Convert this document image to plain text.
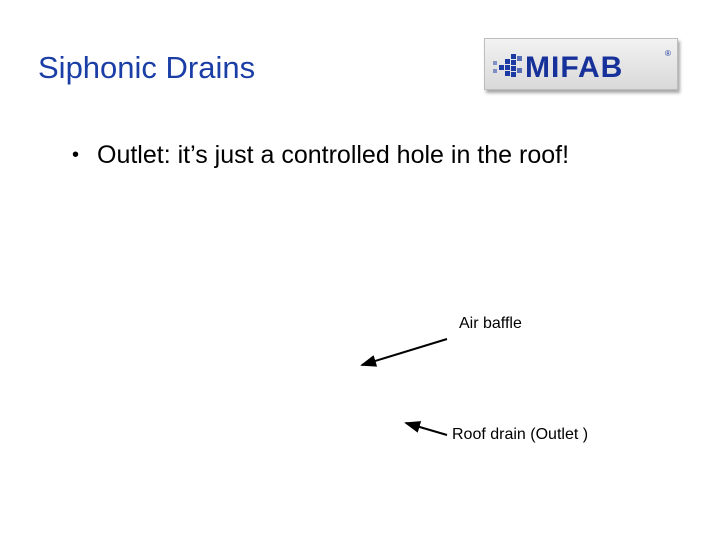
Siphonic Drains	MIFAB	®
• Outlet: it’s just a controlled hole in the roof!
Air baffle
Roof drain (Outlet )
